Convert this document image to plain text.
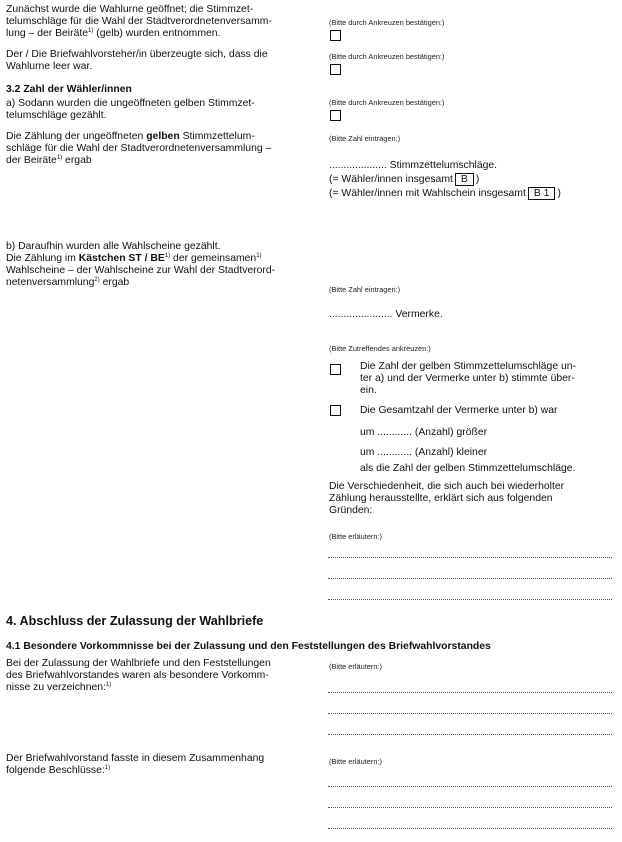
Zunächst wurde die Wahlurne geöffnet; die Stimmzet-
telumschläge für die Wahl der Stadtverordnetenversamm-
lung – der Beiräte$^{1)}$ (gelb) wurden entnommen.
(Bitte durch Ankreuzen bestätigen:)
Der / Die Briefwahlvorsteher/in überzeugte sich, dass die
Wahlurne leer war.
(Bitte durch Ankreuzen bestätigen:)
3.2 Zahl der Wähler/innen
a) Sodann wurden die ungeöffneten gelben Stimmzet-
telumschläge gezählt.
(Bitte durch Ankreuzen bestätigen:)
Die Zählung der ungeöffneten gelben Stimmzettelum-
schläge für die Wahl der Stadtverordnetenversammlung –
der Beiräte$^{1)}$ ergab
(Bitte Zahl eintragen:)
.................... Stimmzettelumschläge.
(= Wähler/innen insgesamt B )
(= Wähler/innen mit Wahlschein insgesamt B 1 )
b) Daraufhin wurden alle Wahlscheine gezählt.
Die Zählung im Kästchen ST / BE$^{1)}$ der gemeinsamen$^{1)}$
Wahlscheine – der Wahlscheine zur Wahl der Stadtverord-
netenversammlung$^{2)}$ ergab
(Bitte Zahl eintragen:)
...................... Vermerke.
(Bitte Zutreffendes ankreuzen:)
Die Zahl der gelben Stimmzettelumschläge un-
ter a) und der Vermerke unter b) stimmte über-
ein.
Die Gesamtzahl der Vermerke unter b) war
um ............ (Anzahl) größer
um ............ (Anzahl) kleiner
als die Zahl der gelben Stimmzettelumschläge.
Die Verschiedenheit, die sich auch bei wiederholter
Zählung herausstellte, erklärt sich aus folgenden
Gründen:
(Bitte erläutern:)
4. Abschluss der Zulassung der Wahlbriefe
4.1 Besondere Vorkommnisse bei der Zulassung und den Feststellungen des Briefwahlvorstandes
Bei der Zulassung der Wahlbriefe und den Feststellungen
des Briefwahlvorstandes waren als besondere Vorkomm-
nisse zu verzeichnen:$^{1)}$
(Bitte erläutern:)
Der Briefwahlvorstand fasste in diesem Zusammenhang
folgende Beschlüsse:$^{1)}$
(Bitte erläutern:)
